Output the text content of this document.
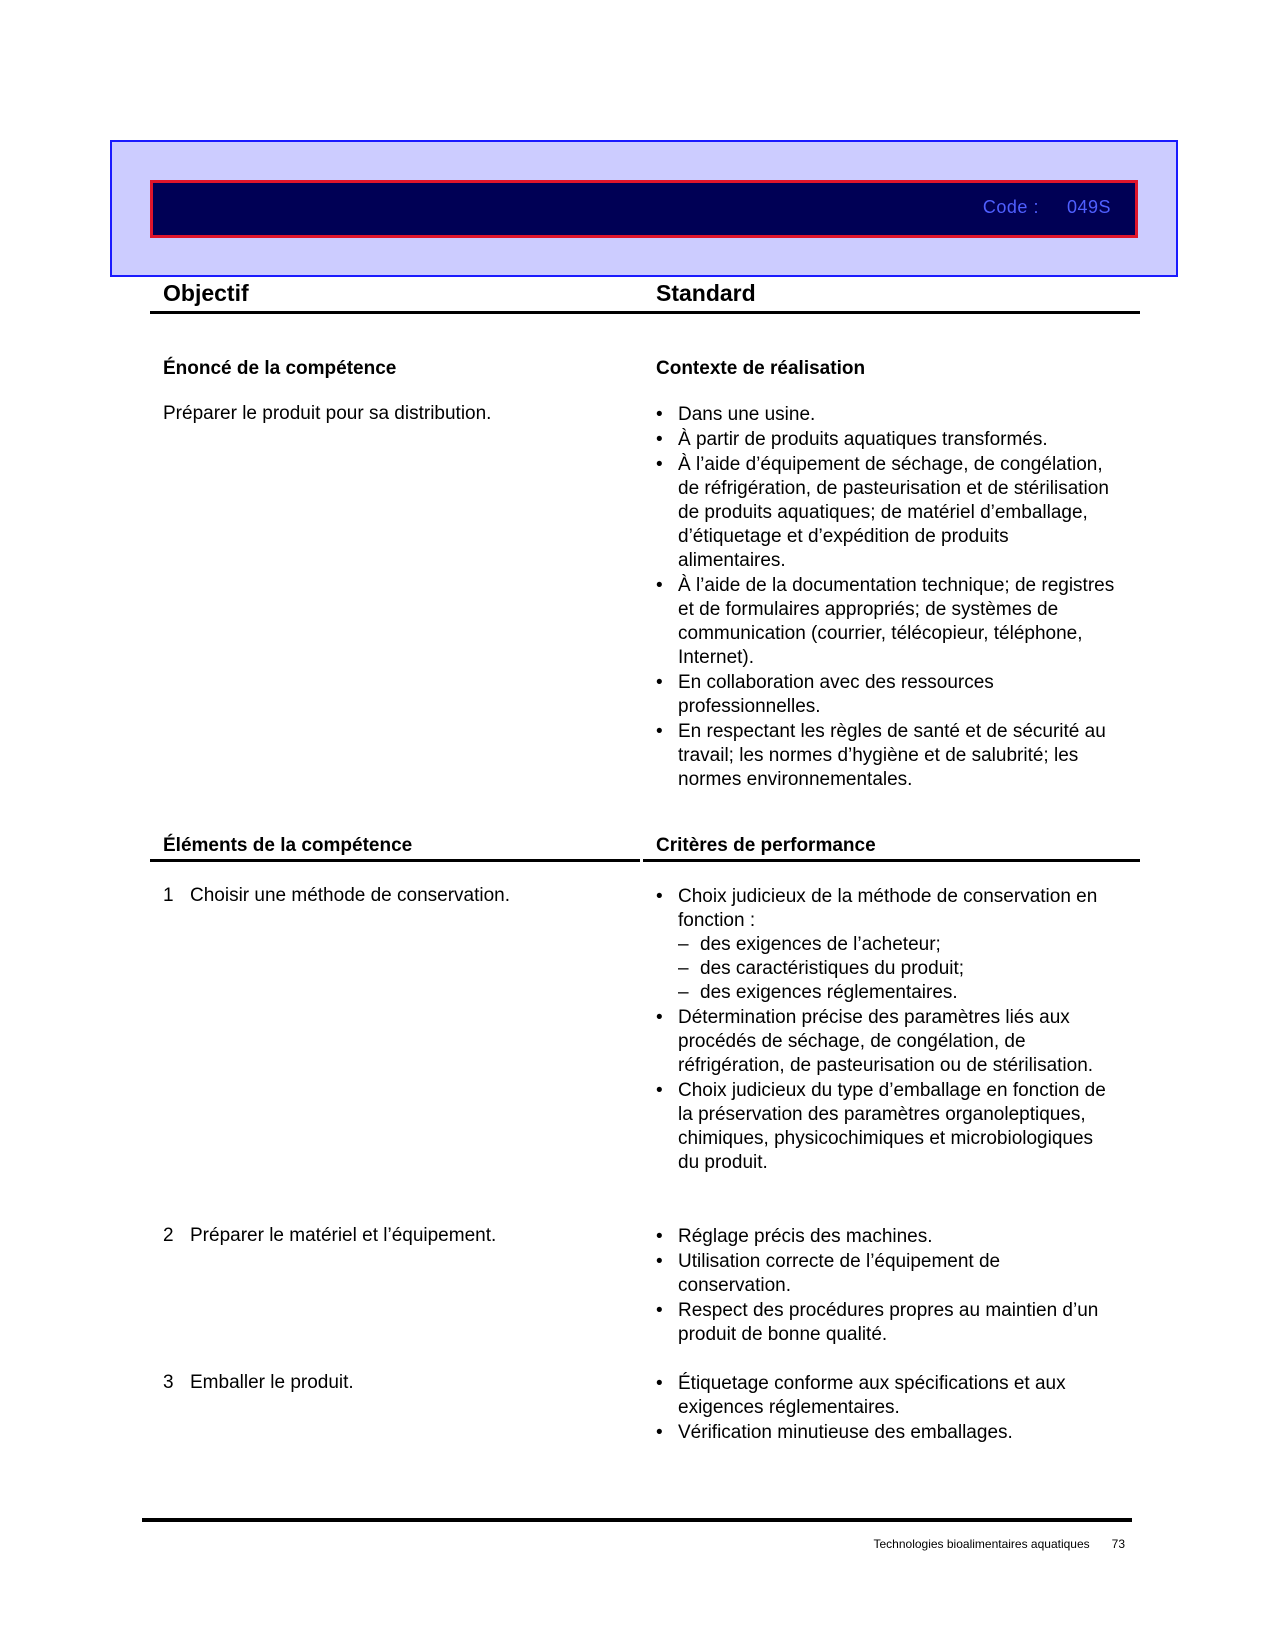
Code : 049S
Objectif	Standard
Énoncé de la compétence	Contexte de réalisation
Préparer le produit pour sa distribution.	• Dans une usine.
• À partir de produits aquatiques transformés.
• À l’aide d’équipement de séchage, de congélation, de réfrigération, de pasteurisation et de stérilisation de produits aquatiques; de matériel d’emballage, d’étiquetage et d’expédition de produits alimentaires.
• À l’aide de la documentation technique; de registres et de formulaires appropriés; de systèmes de communication (courrier, télécopieur, téléphone, Internet).
• En collaboration avec des ressources professionnelles.
• En respectant les règles de santé et de sécurité au travail; les normes d’hygiène et de salubrité; les normes environnementales.
Éléments de la compétence	Critères de performance
1 Choisir une méthode de conservation.	• Choix judicieux de la méthode de conservation en fonction :
– des exigences de l’acheteur;
– des caractéristiques du produit;
– des exigences réglementaires.
• Détermination précise des paramètres liés aux procédés de séchage, de congélation, de réfrigération, de pasteurisation ou de stérilisation.
• Choix judicieux du type d’emballage en fonction de la préservation des paramètres organoleptiques, chimiques, physicochimiques et microbiologiques du produit.
2 Préparer le matériel et l’équipement.	• Réglage précis des machines.
• Utilisation correcte de l’équipement de conservation.
• Respect des procédures propres au maintien d’un produit de bonne qualité.
3 Emballer le produit.	• Étiquetage conforme aux spécifications et aux exigences réglementaires.
• Vérification minutieuse des emballages.
Technologies bioalimentaires aquatiques 73
